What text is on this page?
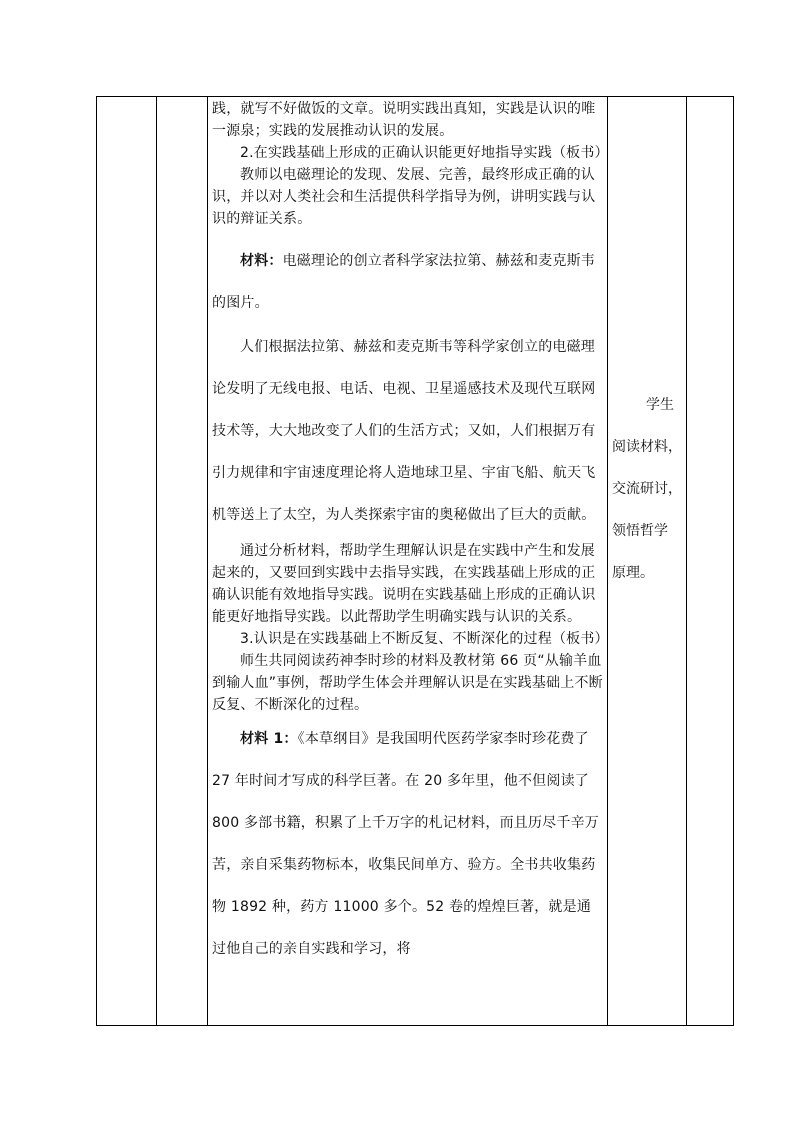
践，就写不好做饭的文章。说明实践出真知，实践是认识的唯一源泉；实践的发展推动认识的发展。

2.在实践基础上形成的正确认识能更好地指导实践（板书）

教师以电磁理论的发现、发展、完善，最终形成正确的认识，并以对人类社会和生活提供科学指导为例，讲明实践与认识的辩证关系。

材料：电磁理论的创立者科学家法拉第、赫兹和麦克斯韦的图片。

人们根据法拉第、赫兹和麦克斯韦等科学家创立的电磁理论发明了无线电报、电话、电视、卫星遥感技术及现代互联网技术等，大大地改变了人们的生活方式；又如，人们根据万有引力规律和宇宙速度理论将人造地球卫星、宇宙飞船、航天飞机等送上了太空，为人类探索宇宙的奥秘做出了巨大的贡献。

通过分析材料，帮助学生理解认识是在实践中产生和发展起来的，又要回到实践中去指导实践，在实践基础上形成的正确认识能有效地指导实践。说明在实践基础上形成的正确认识能更好地指导实践。以此帮助学生明确实践与认识的关系。

3.认识是在实践基础上不断反复、不断深化的过程（板书）

师生共同阅读药神李时珍的材料及教材第 66 页“从输羊血到输人血”事例，帮助学生体会并理解认识是在实践基础上不断反复、不断深化的过程。

材料 1：《本草纲目》是我国明代医药学家李时珍花费了 27 年时间才写成的科学巨著。在 20 多年里，他不但阅读了 800 多部书籍，积累了上千万字的札记材料，而且历尽千辛万苦，亲自采集药物标本，收集民间单方、验方。全书共收集药物 1892 种，药方 11000 多个。52 卷的煌煌巨著，就是通过他自己的亲自实践和学习，将

学生

阅读材料，

交流研讨，

领悟哲学

原理。
